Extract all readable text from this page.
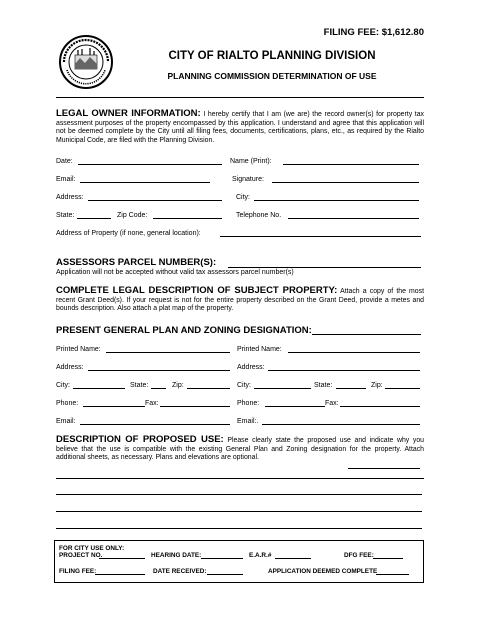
FILING FEE: $1,612.80
CITY OF RIALTO PLANNING DIVISION
PLANNING COMMISSION DETERMINATION OF USE
LEGAL OWNER INFORMATION: I hereby certify that I am (we are) the record owner(s) for property tax assessment purposes of the property encompassed by this application. I understand and agree that this application will not be deemed complete by the City until all filing fees, documents, certifications, plans, etc., as required by the Rialto Municipal Code, are filed with the Planning Division.
Date:	Name (Print):
Email:	Signature:
Address:	City:
State:	Zip Code:	Telephone No.
Address of Property (if none, general location):
ASSESSORS PARCEL NUMBER(S):
Application will not be accepted without valid tax assessors parcel number(s)
COMPLETE LEGAL DESCRIPTION OF SUBJECT PROPERTY: Attach a copy of the most recent Grant Deed(s). If your request is not for the entire property described on the Grant Deed, provide a metes and bounds description. Also attach a plat map of the property.
PRESENT GENERAL PLAN AND ZONING DESIGNATION:
Printed Name:	Printed Name:
Address:	Address:
City:	State:	Zip:	City:	State:	Zip:
Phone:	Fax:	Phone:	Fax:
Email:	Email:.
DESCRIPTION OF PROPOSED USE: Please clearly state the proposed use and indicate why you believe that the use is compatible with the existing General Plan and Zoning designation for the property. Attach additional sheets, as necessary. Plans and elevations are optional.
FOR CITY USE ONLY:
PROJECT NO.	HEARING DATE:	E.A.R.#	DFG FEE:
FILING FEE:	DATE RECEIVED:	APPLICATION DEEMED COMPLETE
